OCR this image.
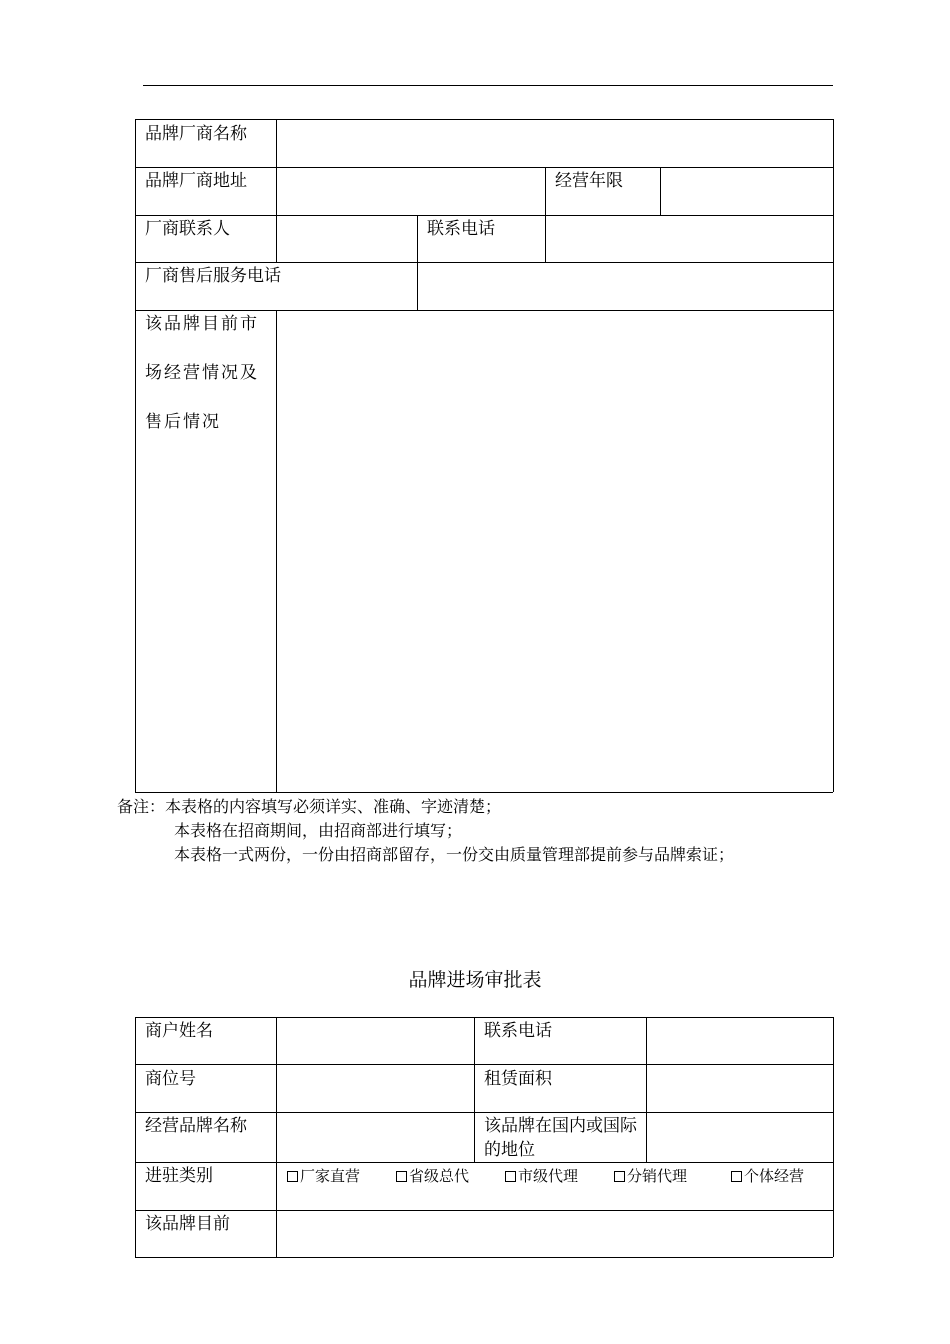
品牌厂商名称
品牌厂商地址	经营年限
厂商联系人	联系电话
厂商售后服务电话
该品牌目前市场经营情况及售后情况
备注：本表格的内容填写必须详实、准确、字迹清楚；
本表格在招商期间，由招商部进行填写；
本表格一式两份，一份由招商部留存，一份交由质量管理部提前参与品牌索证；
品牌进场审批表
商户姓名	联系电话
商位号	租赁面积
经营品牌名称	该品牌在国内或国际的地位
进驻类别	厂家直营	省级总代	市级代理	分销代理	个体经营
该品牌目前
